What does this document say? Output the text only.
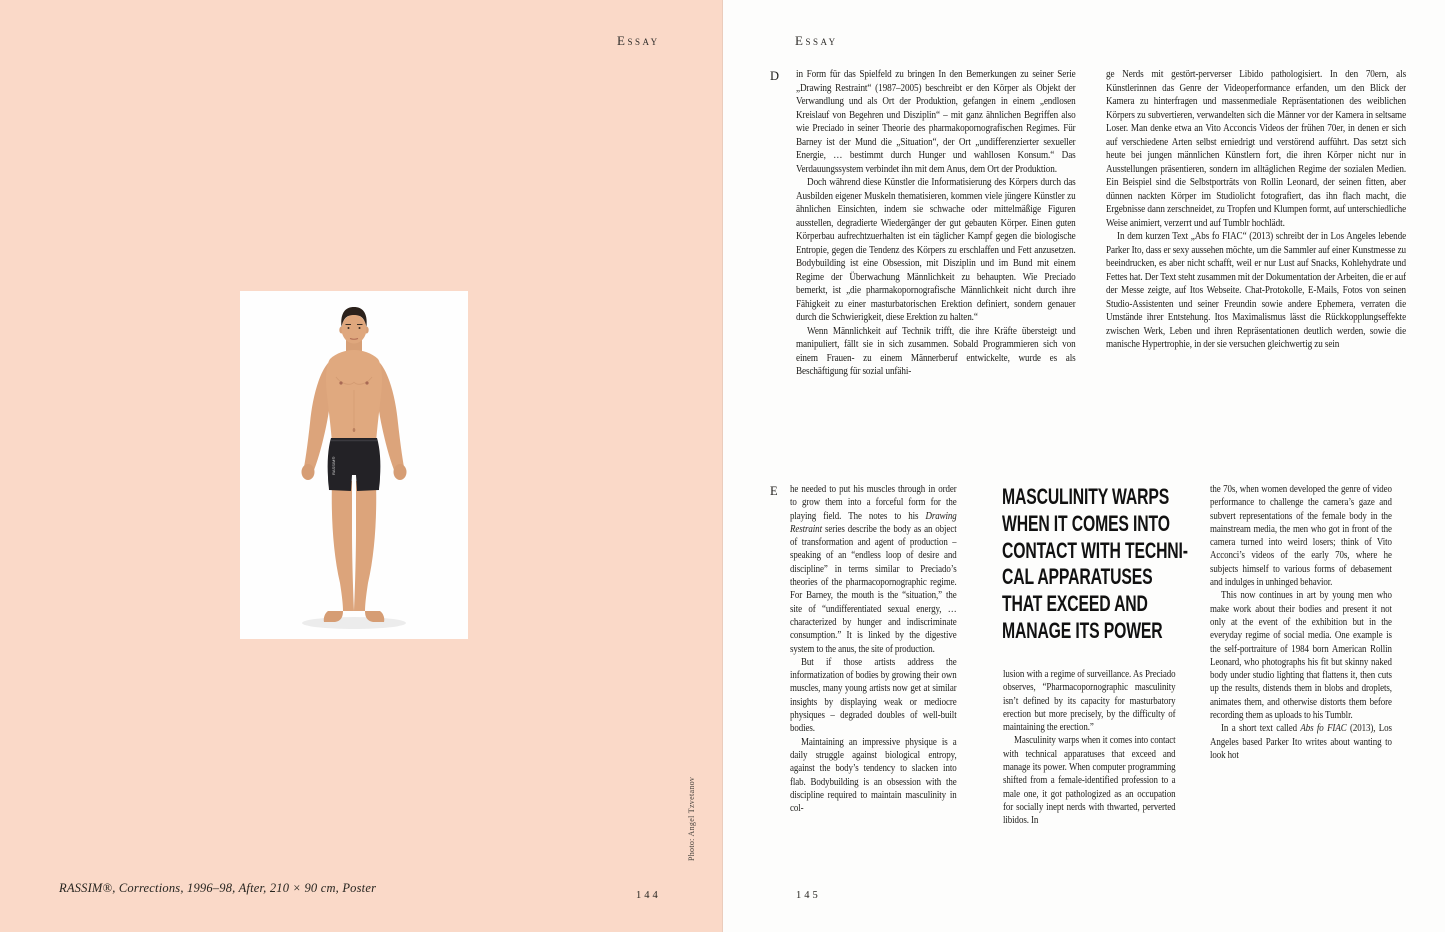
Essay
RASSIM®
Photo: Angel Tzvetanov
RASSIM®, Corrections, 1996–98, After, 210 × 90 cm, Poster
144
Essay
D in Form für das Spielfeld zu bringen In den Bemerkungen zu seiner Serie „Drawing Restraint“ (1987–2005) beschreibt er den Körper als Objekt der Verwandlung und als Ort der Produktion, gefangen in einem „endlosen Kreislauf von Begehren und Disziplin“ – mit ganz ähnlichen Begriffen also wie Preciado in seiner Theorie des pharmakopornografischen Regimes. Für Barney ist der Mund die „Situation“, der Ort „undifferenzierter sexueller Energie, … bestimmt durch Hunger und wahllosen Konsum.“ Das Verdauungssystem verbindet ihn mit dem Anus, dem Ort der Produktion.

Doch während diese Künstler die Informatisierung des Körpers durch das Ausbilden eigener Muskeln thematisieren, kommen viele jüngere Künstler zu ähnlichen Einsichten, indem sie schwache oder mittelmäßige Figuren ausstellen, degradierte Wiedergänger der gut gebauten Körper. Einen guten Körperbau aufrechtzuerhalten ist ein täglicher Kampf gegen die biologische Entropie, gegen die Tendenz des Körpers zu erschlaffen und Fett anzusetzen. Bodybuilding ist eine Obsession, mit Disziplin und im Bund mit einem Regime der Überwachung Männlichkeit zu behaupten. Wie Preciado bemerkt, ist „die pharmakopornografische Männlichkeit nicht durch ihre Fähigkeit zu einer masturbatorischen Erektion definiert, sondern genauer durch die Schwierigkeit, diese Erektion zu halten.“

Wenn Männlichkeit auf Technik trifft, die ihre Kräfte übersteigt und manipuliert, fällt sie in sich zusammen. Sobald Programmieren sich von einem Frauen- zu einem Männerberuf entwickelte, wurde es als Beschäftigung für sozial unfähi-

ge Nerds mit gestört-perverser Libido pathologisiert. In den 70ern, als Künstlerinnen das Genre der Videoperformance erfanden, um den Blick der Kamera zu hinterfragen und massenmediale Repräsentationen des weiblichen Körpers zu subvertieren, verwandelten sich die Männer vor der Kamera in seltsame Loser. Man denke etwa an Vito Acconcis Videos der frühen 70er, in denen er sich auf verschiedene Arten selbst erniedrigt und verstörend aufführt. Das setzt sich heute bei jungen männlichen Künstlern fort, die ihren Körper nicht nur in Ausstellungen präsentieren, sondern im alltäglichen Regime der sozialen Medien. Ein Beispiel sind die Selbstporträts von Rollin Leonard, der seinen fitten, aber dünnen nackten Körper im Studiolicht fotografiert, das ihn flach macht, die Ergebnisse dann zerschneidet, zu Tropfen und Klumpen formt, auf unterschiedliche Weise animiert, verzerrt und auf Tumblr hochlädt.

In dem kurzen Text „Abs fo FIAC“ (2013) schreibt der in Los Angeles lebende Parker Ito, dass er sexy aussehen möchte, um die Sammler auf einer Kunstmesse zu beeindrucken, es aber nicht schafft, weil er nur Lust auf Snacks, Kohlehydrate und Fettes hat. Der Text steht zusammen mit der Dokumentation der Arbeiten, die er auf der Messe zeigte, auf Itos Webseite. Chat-Protokolle, E-Mails, Fotos von seinen Studio-Assistenten und seiner Freundin sowie andere Ephemera, verraten die Umstände ihrer Entstehung. Itos Maximalismus lässt die Rückkopplungseffekte zwischen Werk, Leben und ihren Repräsentationen deutlich werden, sowie die manische Hypertrophie, in der sie versuchen gleichwertig zu sein

E he needed to put his muscles through in order to grow them into a forceful form for the playing field. The notes to his Drawing Restraint series describe the body as an object of transformation and agent of production – speaking of an “endless loop of desire and discipline” in terms similar to Preciado’s theories of the pharmacopornographic regime. For Barney, the mouth is the “situation,” the site of “undifferentiated sexual energy, … characterized by hunger and indiscriminate consumption.” It is linked by the digestive system to the anus, the site of production.

But if those artists address the informatization of bodies by growing their own muscles, many young artists now get at similar insights by displaying weak or mediocre physiques – degraded doubles of well-built bodies.

Maintaining an impressive physique is a daily struggle against biological entropy, against the body’s tendency to slacken into flab. Bodybuilding is an obsession with the discipline required to maintain masculinity in col-

MASCULINITY WARPS
WHEN IT COMES INTO
CONTACT WITH TECHNI-
CAL APPARATUSES
THAT EXCEED AND
MANAGE ITS POWER

lusion with a regime of surveillance. As Preciado observes, “Pharmacopornographic masculinity isn’t defined by its capacity for masturbatory erection but more precisely, by the difficulty of maintaining the erection.”

Masculinity warps when it comes into contact with technical apparatuses that exceed and manage its power. When computer programming shifted from a female-identified profession to a male one, it got pathologized as an occupation for socially inept nerds with thwarted, perverted libidos. In

the 70s, when women developed the genre of video performance to challenge the camera’s gaze and subvert representations of the female body in the mainstream media, the men who got in front of the camera turned into weird losers; think of Vito Acconci’s videos of the early 70s, where he subjects himself to various forms of debasement and indulges in unhinged behavior.

This now continues in art by young men who make work about their bodies and present it not only at the event of the exhibition but in the everyday regime of social media. One example is the self-portraiture of 1984 born American Rollin Leonard, who photographs his fit but skinny naked body under studio lighting that flattens it, then cuts up the results, distends them in blobs and droplets, animates them, and otherwise distorts them before recording them as uploads to his Tumblr.

In a short text called Abs fo FIAC (2013), Los Angeles based Parker Ito writes about wanting to look hot

145
